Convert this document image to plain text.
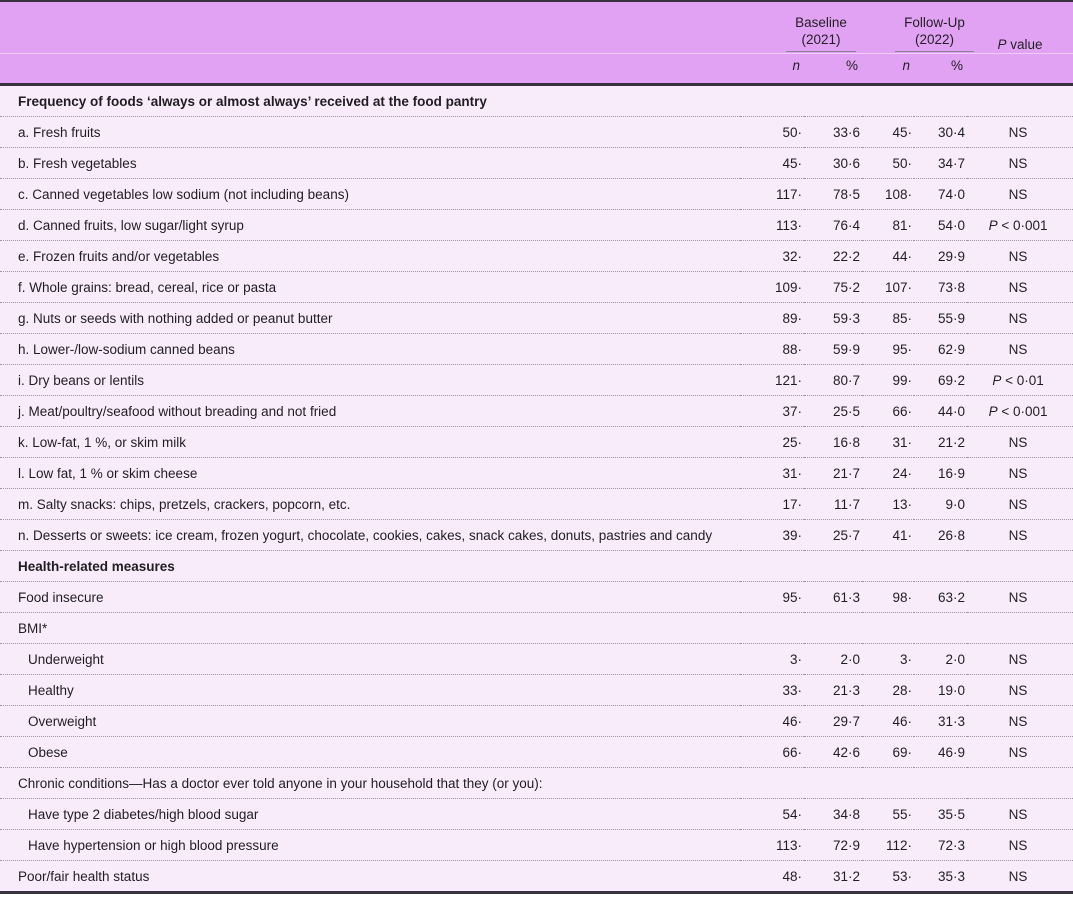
	Baseline
(2021)		Follow-Up
(2022)		P value
	n	%	n	%	
Frequency of foods ‘always or almost always’ received at the food pantry					
a. Fresh fruits	50·	33·6	45·	30·4	NS
b. Fresh vegetables	45·	30·6	50·	34·7	NS
c. Canned vegetables low sodium (not including beans)	117·	78·5	108·	74·0	NS
d. Canned fruits, low sugar/light syrup	113·	76·4	81·	54·0	P < 0·001
e. Frozen fruits and/or vegetables	32·	22·2	44·	29·9	NS
f. Whole grains: bread, cereal, rice or pasta	109·	75·2	107·	73·8	NS
g. Nuts or seeds with nothing added or peanut butter	89·	59·3	85·	55·9	NS
h. Lower-/low-sodium canned beans	88·	59·9	95·	62·9	NS
i. Dry beans or lentils	121·	80·7	99·	69·2	P < 0·01
j. Meat/poultry/seafood without breading and not fried	37·	25·5	66·	44·0	P < 0·001
k. Low-fat, 1 %, or skim milk	25·	16·8	31·	21·2	NS
l. Low fat, 1 % or skim cheese	31·	21·7	24·	16·9	NS
m. Salty snacks: chips, pretzels, crackers, popcorn, etc.	17·	11·7	13·	9·0	NS
n. Desserts or sweets: ice cream, frozen yogurt, chocolate, cookies, cakes, snack cakes, donuts, pastries and candy	39·	25·7	41·	26·8	NS
Health-related measures					
Food insecure	95·	61·3	98·	63·2	NS
BMI*					
Underweight	3·	2·0	3·	2·0	NS
Healthy	33·	21·3	28·	19·0	NS
Overweight	46·	29·7	46·	31·3	NS
Obese	66·	42·6	69·	46·9	NS
Chronic conditions—Has a doctor ever told anyone in your household that they (or you):					
Have type 2 diabetes/high blood sugar	54·	34·8	55·	35·5	NS
Have hypertension or high blood pressure	113·	72·9	112·	72·3	NS
Poor/fair health status	48·	31·2	53·	35·3	NS
